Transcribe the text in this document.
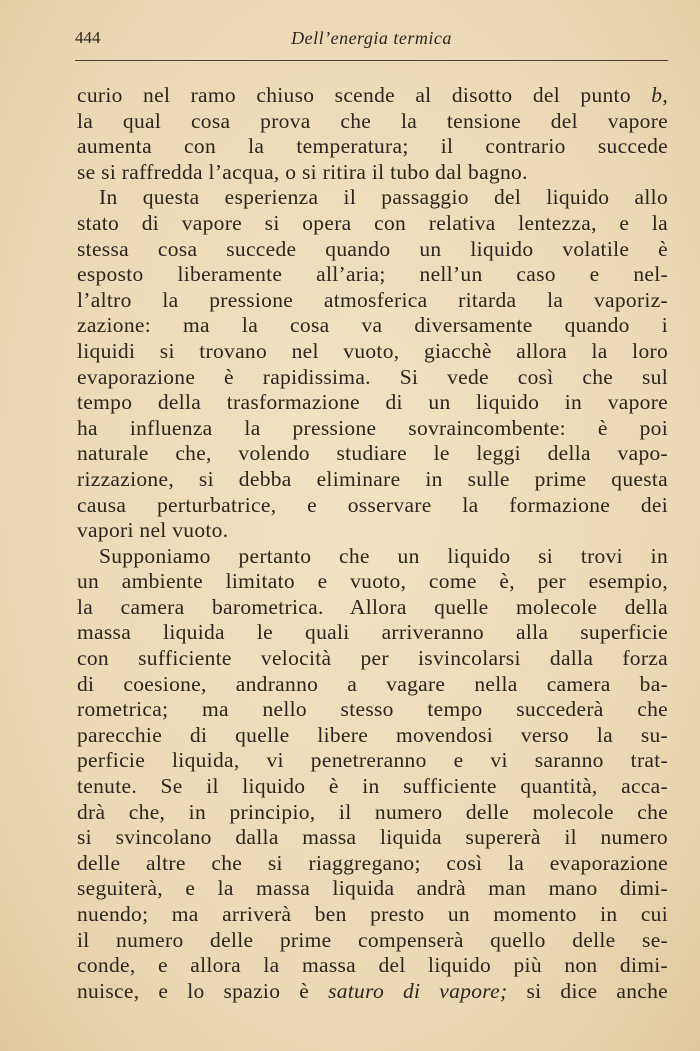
444	Dell’energia termica
curio nel ramo chiuso scende al disotto del punto b,
la qual cosa prova che la tensione del vapore
aumenta con la temperatura; il contrario succede
se si raffredda l’acqua, o si ritira il tubo dal bagno.
In questa esperienza il passaggio del liquido allo
stato di vapore si opera con relativa lentezza, e la
stessa cosa succede quando un liquido volatile è
esposto liberamente all’aria; nell’un caso e nel-
l’altro la pressione atmosferica ritarda la vaporiz-
zazione: ma la cosa va diversamente quando i
liquidi si trovano nel vuoto, giacchè allora la loro
evaporazione è rapidissima. Si vede così che sul
tempo della trasformazione di un liquido in vapore
ha influenza la pressione sovraincombente: è poi
naturale che, volendo studiare le leggi della vapo-
rizzazione, si debba eliminare in sulle prime questa
causa perturbatrice, e osservare la formazione dei
vapori nel vuoto.
Supponiamo pertanto che un liquido si trovi in
un ambiente limitato e vuoto, come è, per esempio,
la camera barometrica. Allora quelle molecole della
massa liquida le quali arriveranno alla superficie
con sufficiente velocità per isvincolarsi dalla forza
di coesione, andranno a vagare nella camera ba-
rometrica; ma nello stesso tempo succederà che
parecchie di quelle libere movendosi verso la su-
perficie liquida, vi penetreranno e vi saranno trat-
tenute. Se il liquido è in sufficiente quantità, acca-
drà che, in principio, il numero delle molecole che
si svincolano dalla massa liquida supererà il numero
delle altre che si riaggregano; così la evaporazione
seguiterà, e la massa liquida andrà man mano dimi-
nuendo; ma arriverà ben presto un momento in cui
il numero delle prime compenserà quello delle se-
conde, e allora la massa del liquido più non dimi-
nuisce, e lo spazio è saturo di vapore; si dice anche
